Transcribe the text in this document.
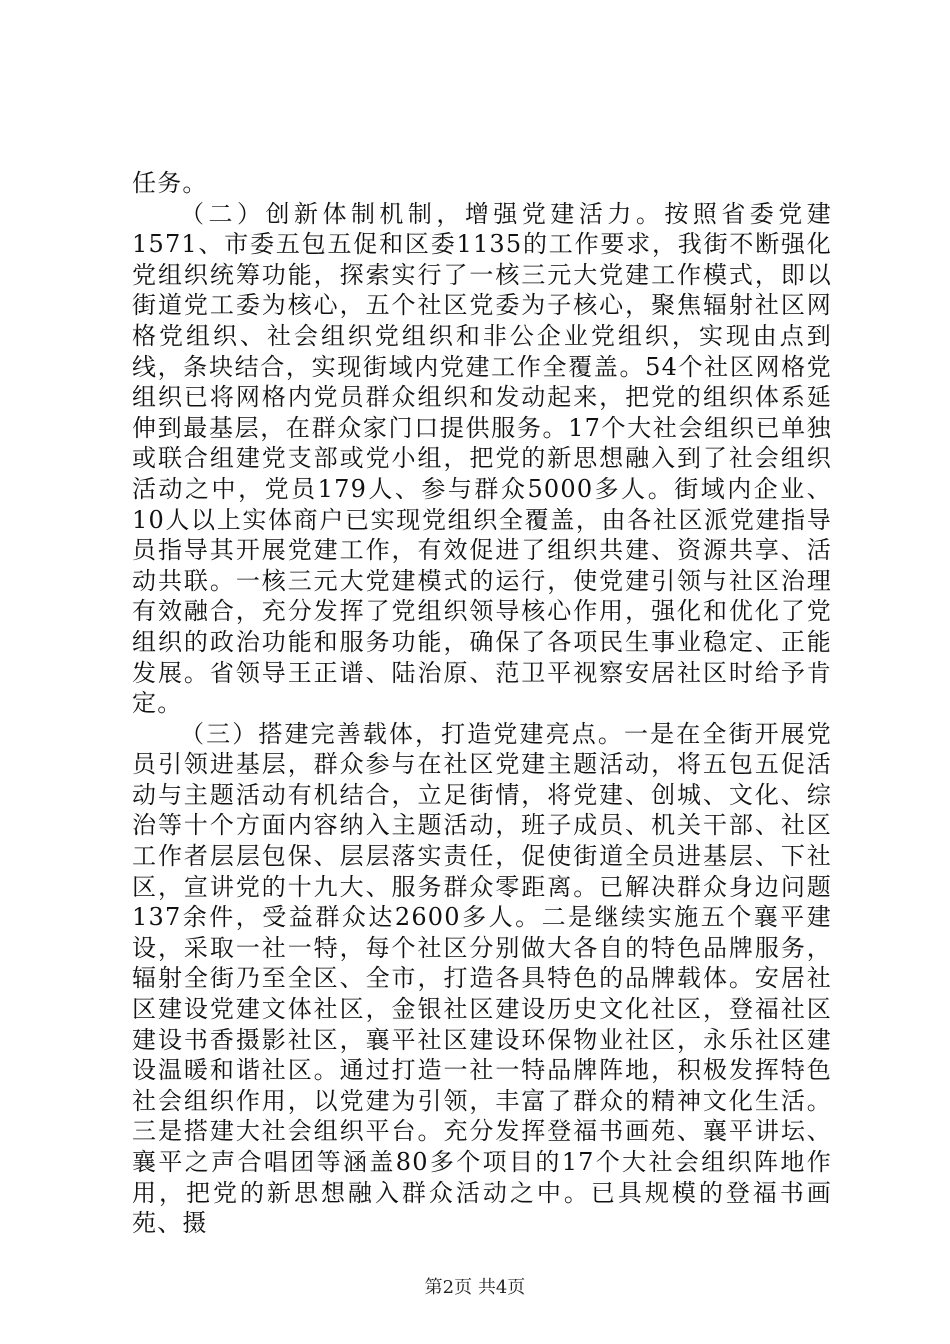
任务。

（二）创新体制机制，增强党建活力。按照省委党建1571、市委五包五促和区委1135的工作要求，我街不断强化党组织统筹功能，探索实行了一核三元大党建工作模式，即以街道党工委为核心，五个社区党委为子核心，聚焦辐射社区网格党组织、社会组织党组织和非公企业党组织，实现由点到线，条块结合，实现街域内党建工作全覆盖。54个社区网格党组织已将网格内党员群众组织和发动起来，把党的组织体系延伸到最基层，在群众家门口提供服务。17个大社会组织已单独或联合组建党支部或党小组，把党的新思想融入到了社会组织活动之中，党员179人、参与群众5000多人。街域内企业、10人以上实体商户已实现党组织全覆盖，由各社区派党建指导员指导其开展党建工作，有效促进了组织共建、资源共享、活动共联。一核三元大党建模式的运行，使党建引领与社区治理有效融合，充分发挥了党组织领导核心作用，强化和优化了党组织的政治功能和服务功能，确保了各项民生事业稳定、正能发展。省领导王正谱、陆治原、范卫平视察安居社区时给予肯定。

（三）搭建完善载体，打造党建亮点。一是在全街开展党员引领进基层，群众参与在社区党建主题活动，将五包五促活动与主题活动有机结合，立足街情，将党建、创城、文化、综治等十个方面内容纳入主题活动，班子成员、机关干部、社区工作者层层包保、层层落实责任，促使街道全员进基层、下社区，宣讲党的十九大、服务群众零距离。已解决群众身边问题137余件，受益群众达2600多人。二是继续实施五个襄平建设，采取一社一特，每个社区分别做大各自的特色品牌服务，辐射全街乃至全区、全市，打造各具特色的品牌载体。安居社区建设党建文体社区，金银社区建设历史文化社区，登福社区建设书香摄影社区，襄平社区建设环保物业社区，永乐社区建设温暖和谐社区。通过打造一社一特品牌阵地，积极发挥特色社会组织作用，以党建为引领，丰富了群众的精神文化生活。三是搭建大社会组织平台。充分发挥登福书画苑、襄平讲坛、襄平之声合唱团等涵盖80多个项目的17个大社会组织阵地作用，把党的新思想融入群众活动之中。已具规模的登福书画苑、摄

第2页 共4页
